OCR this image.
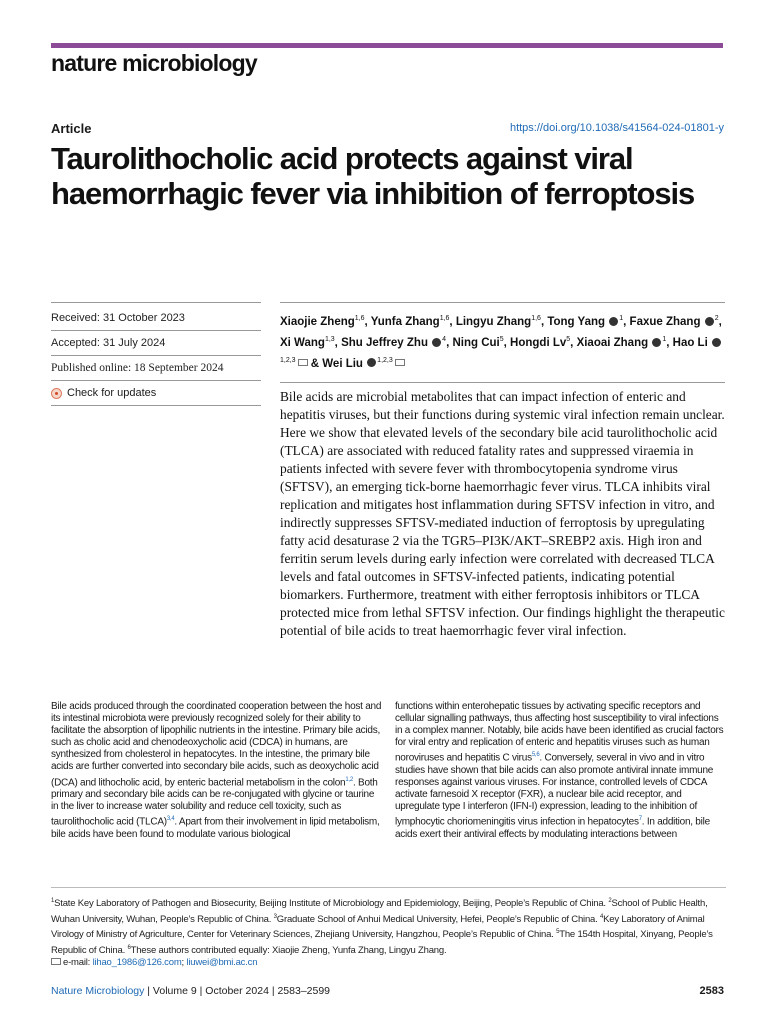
nature microbiology
Article	https://doi.org/10.1038/s41564-024-01801-y
Taurolithocholic acid protects against viral haemorrhagic fever via inhibition of ferroptosis
Received: 31 October 2023
Accepted: 31 July 2024
Published online: 18 September 2024
Check for updates
Xiaojie Zheng$^{1,6}$, Yunfa Zhang$^{1,6}$, Lingyu Zhang$^{1,6}$, Tong Yang $^1$, Faxue Zhang $^2$, Xi Wang$^{1,3}$, Shu Jeffrey Zhu $^4$, Ning Cui$^5$, Hongdi Lv$^5$, Xiaoai Zhang $^1$, Hao Li $^{1,2,3}$ & Wei Liu $^{1,2,3}$

Bile acids are microbial metabolites that can impact infection of enteric and hepatitis viruses, but their functions during systemic viral infection remain unclear. Here we show that elevated levels of the secondary bile acid taurolithocholic acid (TLCA) are associated with reduced fatality rates and suppressed viraemia in patients infected with severe fever with thrombocytopenia syndrome virus (SFTSV), an emerging tick-borne haemorrhagic fever virus. TLCA inhibits viral replication and mitigates host inflammation during SFTSV infection in vitro, and indirectly suppresses SFTSV-mediated induction of ferroptosis by upregulating fatty acid desaturase 2 via the TGR5–PI3K/AKT–SREBP2 axis. High iron and ferritin serum levels during early infection were correlated with decreased TLCA levels and fatal outcomes in SFTSV-infected patients, indicating potential biomarkers. Furthermore, treatment with either ferroptosis inhibitors or TLCA protected mice from lethal SFTSV infection. Our findings highlight the therapeutic potential of bile acids to treat haemorrhagic fever viral infection.

Bile acids produced through the coordinated cooperation between the host and its intestinal microbiota were previously recognized solely for their ability to facilitate the absorption of lipophilic nutrients in the intestine. Primary bile acids, such as cholic acid and chenodeoxycholic acid (CDCA) in humans, are synthesized from cholesterol in hepatocytes. In the intestine, the primary bile acids are further converted into secondary bile acids, such as deoxycholic acid (DCA) and lithocholic acid, by enteric bacterial metabolism in the colon$^{1,2}$. Both primary and secondary bile acids can be re-conjugated with glycine or taurine in the liver to increase water solubility and reduce cell toxicity, such as taurolithocholic acid (TLCA)$^{3,4}$. Apart from their involvement in lipid metabolism, bile acids have been found to modulate various biological

functions within enterohepatic tissues by activating specific receptors and cellular signalling pathways, thus affecting host susceptibility to viral infections in a complex manner. Notably, bile acids have been identified as crucial factors for viral entry and replication of enteric and hepatitis viruses such as human noroviruses and hepatitis C virus$^{5,6}$. Conversely, several in vivo and in vitro studies have shown that bile acids can also promote antiviral innate immune responses against various viruses. For instance, controlled levels of CDCA activate farnesoid X receptor (FXR), a nuclear bile acid receptor, and upregulate type I interferon (IFN-I) expression, leading to the inhibition of lymphocytic choriomeningitis virus infection in hepatocytes$^7$. In addition, bile acids exert their antiviral effects by modulating interactions between

$^1$State Key Laboratory of Pathogen and Biosecurity, Beijing Institute of Microbiology and Epidemiology, Beijing, People’s Republic of China. $^2$School of Public Health, Wuhan University, Wuhan, People’s Republic of China. $^3$Graduate School of Anhui Medical University, Hefei, People’s Republic of China. $^4$Key Laboratory of Animal Virology of Ministry of Agriculture, Center for Veterinary Sciences, Zhejiang University, Hangzhou, People’s Republic of China. $^5$The 154th Hospital, Xinyang, People’s Republic of China. $^6$These authors contributed equally: Xiaojie Zheng, Yunfa Zhang, Lingyu Zhang.
e-mail: lihao_1986@126.com; liuwei@bmi.ac.cn

Nature Microbiology | Volume 9 | October 2024 | 2583–2599	2583
